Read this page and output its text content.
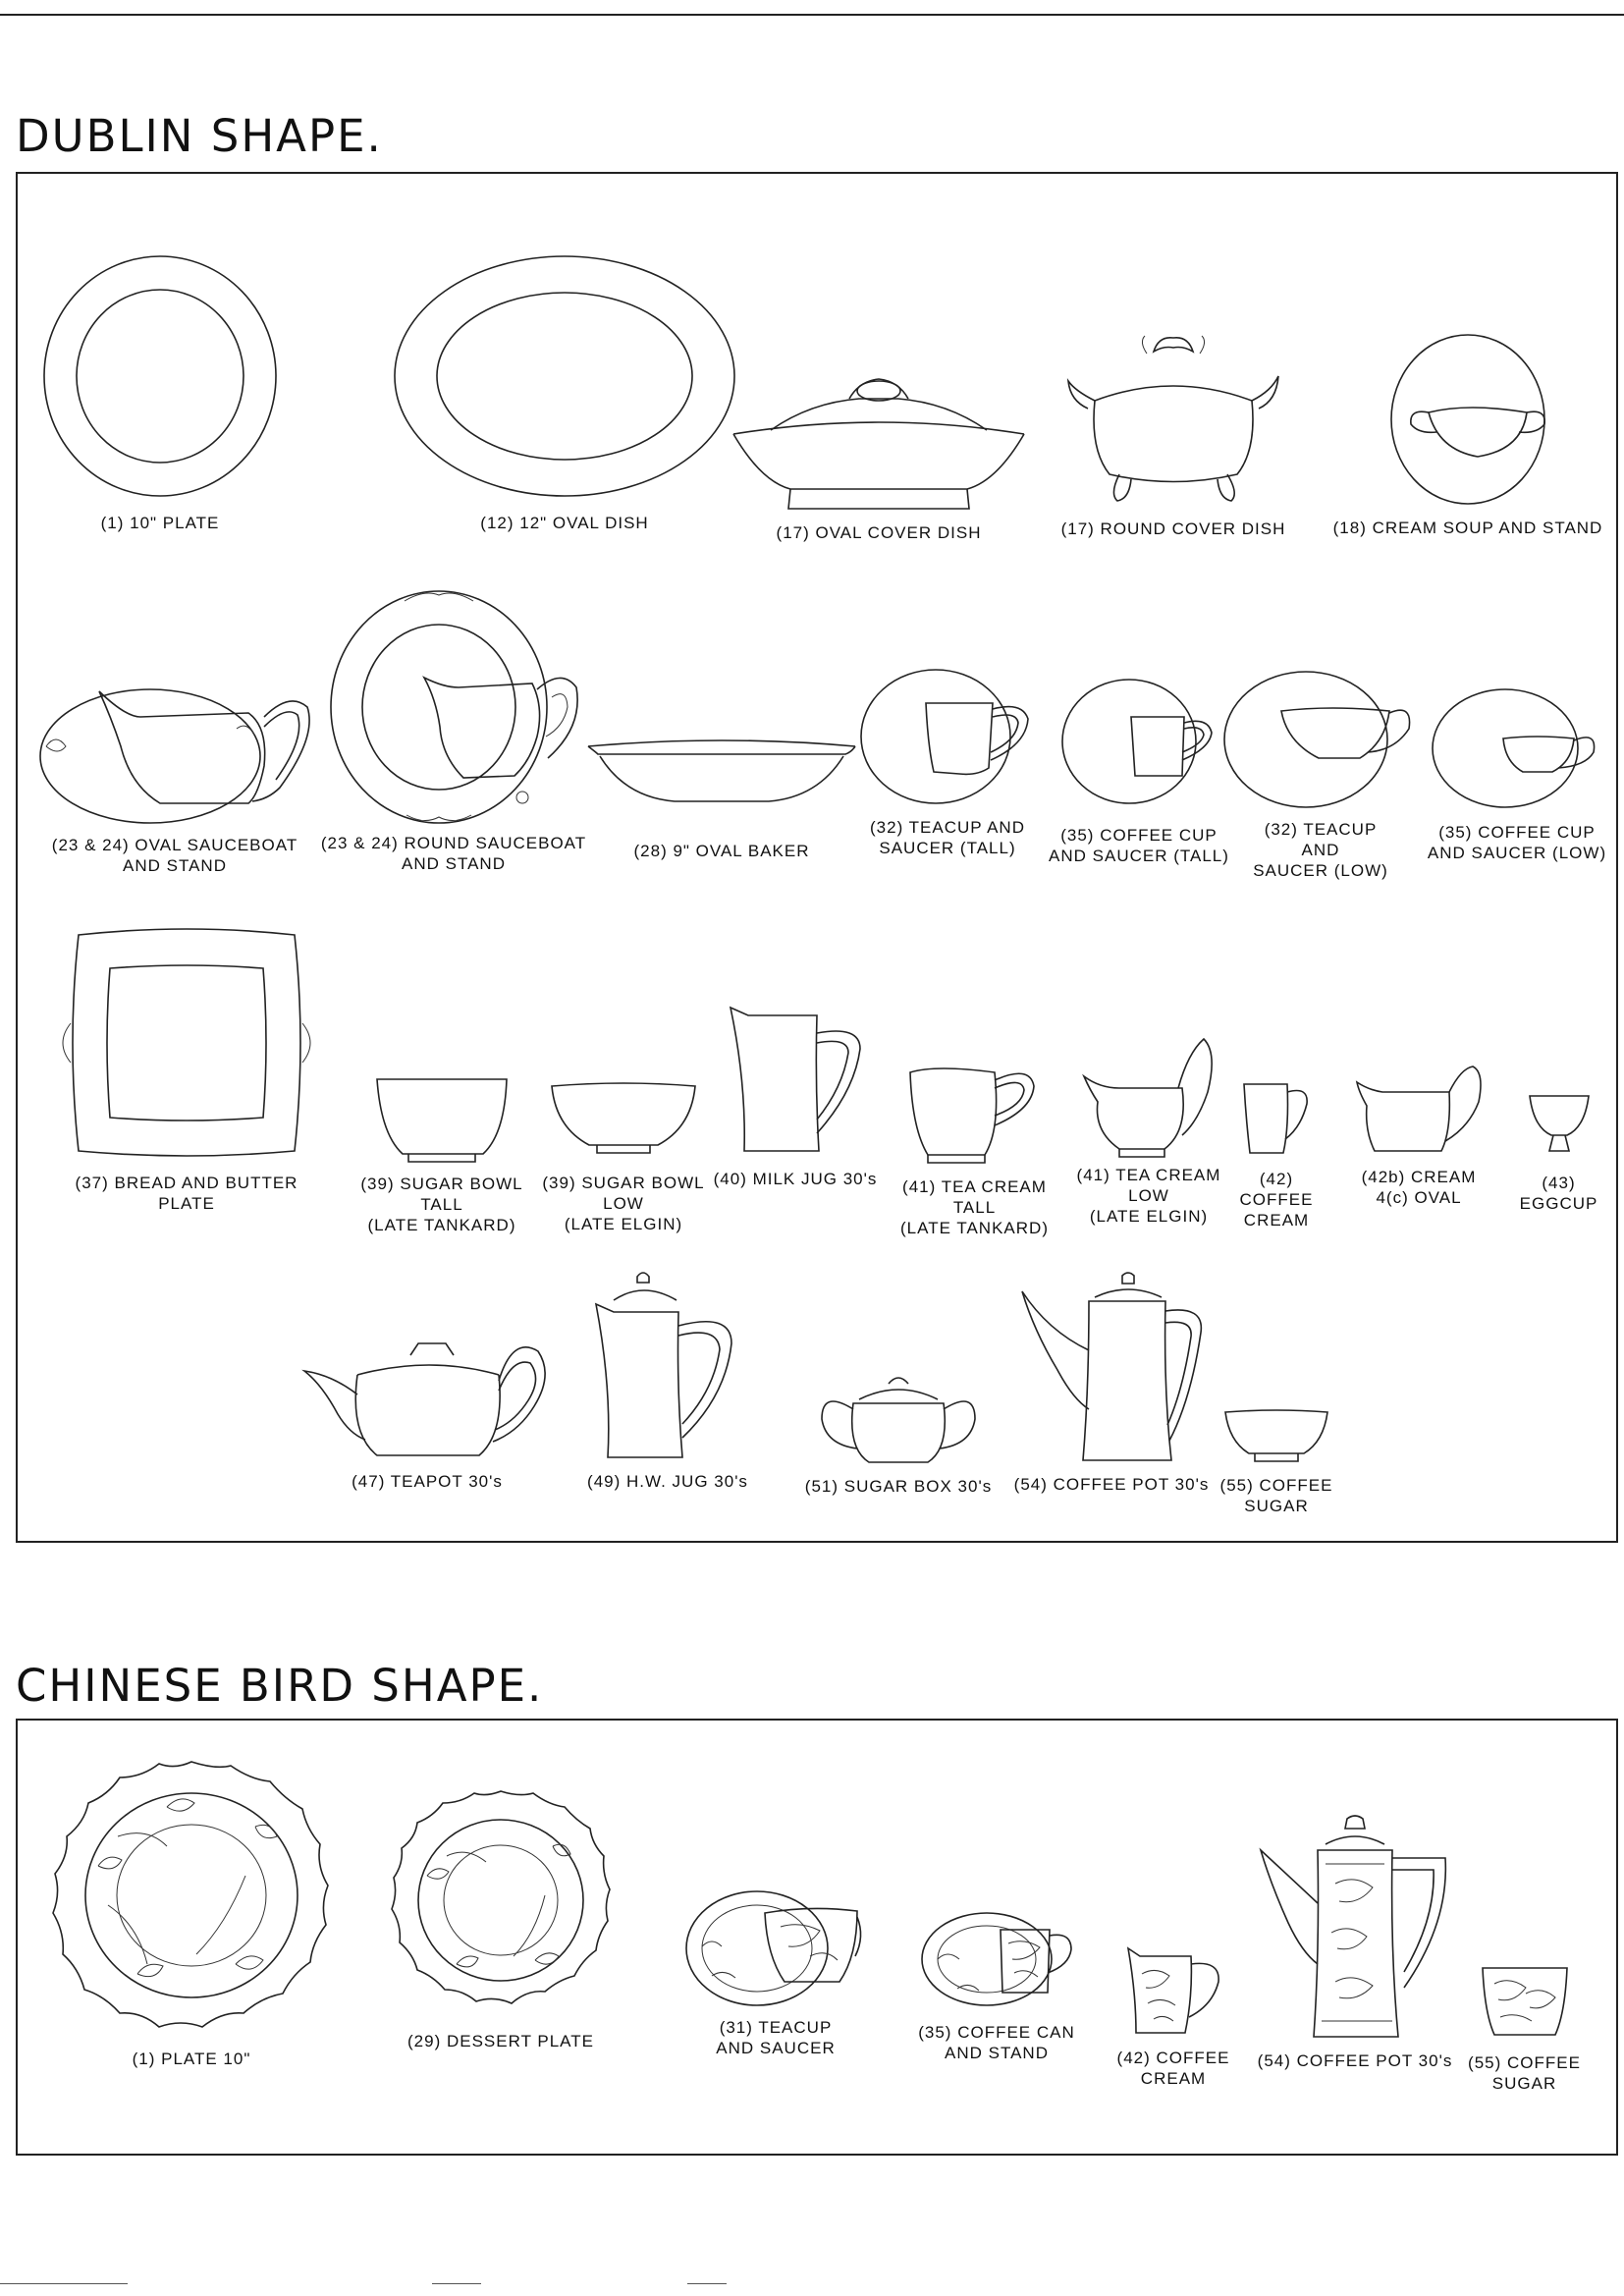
DUBLIN SHAPE.
(1) 10" PLATE	(12) 12" OVAL DISH
(17) OVAL COVER DISH	(17) ROUND COVER DISH	(18) CREAM SOUP AND STAND
(23 & 24) OVAL SAUCEBOAT
AND STAND
(23 & 24) ROUND SAUCEBOAT
AND STAND
(28) 9" OVAL BAKER
(32) TEACUP AND
SAUCER (TALL)
(35) COFFEE CUP
AND SAUCER (TALL)
(32) TEACUP
AND
SAUCER (LOW)
(35) COFFEE CUP
AND SAUCER (LOW)
(37) BREAD AND BUTTER
PLATE
(39) SUGAR BOWL
TALL
(LATE TANKARD)
(39) SUGAR BOWL
LOW
(LATE ELGIN)
(40) MILK JUG 30's	(41) TEA CREAM
TALL
(LATE TANKARD)
(41) TEA CREAM
LOW
(LATE ELGIN)
(42) COFFEE
CREAM
(42b) CREAM
4(c) OVAL
(43)
EGGCUP
(47) TEAPOT 30's	(49) H.W. JUG 30's	(51) SUGAR BOX 30's	(54) COFFEE POT 30's (55) COFFEE
SUGAR
CHINESE BIRD SHAPE.
(1) PLATE 10"
(29) DESSERT PLATE
(31) TEACUP
AND SAUCER
(35) COFFEE CAN
AND STAND	(42) COFFEE
CREAM
(54) COFFEE POT 30's (55) COFFEE
SUGAR
